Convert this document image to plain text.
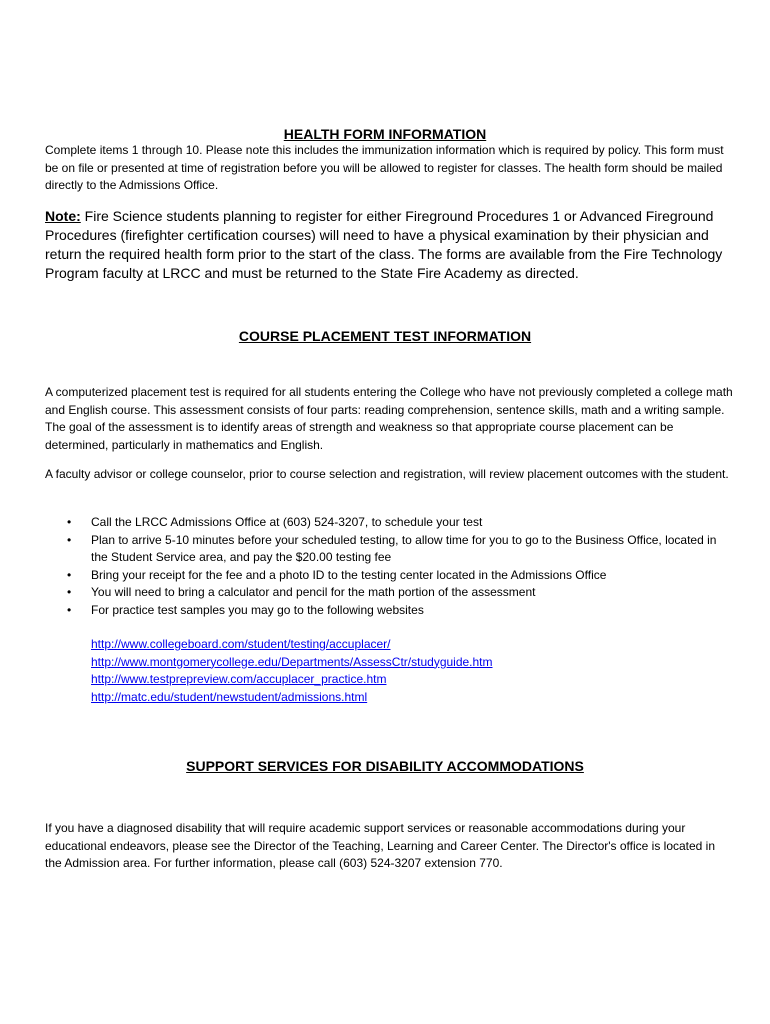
HEALTH FORM INFORMATION

Complete items 1 through 10. Please note this includes the immunization information which is required by policy. This form must be on file or presented at time of registration before you will be allowed to register for classes. The health form should be mailed directly to the Admissions Office.

Note: Fire Science students planning to register for either Fireground Procedures 1 or Advanced Fireground Procedures (firefighter certification courses) will need to have a physical examination by their physician and return the required health form prior to the start of the class. The forms are available from the Fire Technology Program faculty at LRCC and must be returned to the State Fire Academy as directed.

COURSE PLACEMENT TEST INFORMATION

A computerized placement test is required for all students entering the College who have not previously completed a college math and English course. This assessment consists of four parts: reading comprehension, sentence skills, math and a writing sample. The goal of the assessment is to identify areas of strength and weakness so that appropriate course placement can be determined, particularly in mathematics and English.

A faculty advisor or college counselor, prior to course selection and registration, will review placement outcomes with the student.

• Call the LRCC Admissions Office at (603) 524-3207, to schedule your test
• Plan to arrive 5-10 minutes before your scheduled testing, to allow time for you to go to the Business Office, located in the Student Service area, and pay the $20.00 testing fee
• Bring your receipt for the fee and a photo ID to the testing center located in the Admissions Office
• You will need to bring a calculator and pencil for the math portion of the assessment
• For practice test samples you may go to the following websites
http://www.collegeboard.com/student/testing/accuplacer/
http://www.montgomerycollege.edu/Departments/AssessCtr/studyguide.htm
http://www.testprepreview.com/accuplacer_practice.htm
http://matc.edu/student/newstudent/admissions.html
SUPPORT SERVICES FOR DISABILITY ACCOMMODATIONS

If you have a diagnosed disability that will require academic support services or reasonable accommodations during your educational endeavors, please see the Director of the Teaching, Learning and Career Center. The Director's office is located in the Admission area. For further information, please call (603) 524-3207 extension 770.
